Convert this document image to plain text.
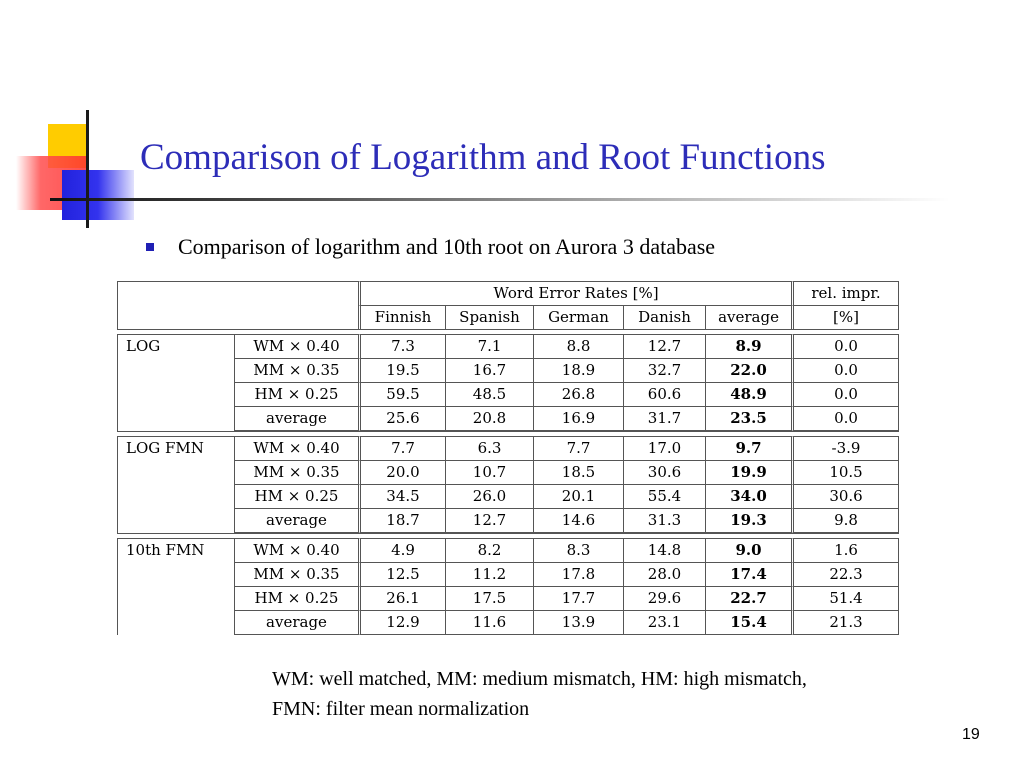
Comparison of Logarithm and Root Functions
Comparison of logarithm and 10th root on Aurora 3 database
		Word Error Rates [%]					rel. impr.
		Finnish	Spanish	German	Danish	average	[%]

LOG	WM × 0.40	7.3	7.1	8.8	12.7	8.9	0.0
	MM × 0.35	19.5	16.7	18.9	32.7	22.0	0.0
	HM × 0.25	59.5	48.5	26.8	60.6	48.9	0.0
	average	25.6	20.8	16.9	31.7	23.5	0.0

LOG FMN	WM × 0.40	7.7	6.3	7.7	17.0	9.7	-3.9
	MM × 0.35	20.0	10.7	18.5	30.6	19.9	10.5
	HM × 0.25	34.5	26.0	20.1	55.4	34.0	30.6
	average	18.7	12.7	14.6	31.3	19.3	9.8

10th FMN	WM × 0.40	4.9	8.2	8.3	14.8	9.0	1.6
	MM × 0.35	12.5	11.2	17.8	28.0	17.4	22.3
	HM × 0.25	26.1	17.5	17.7	29.6	22.7	51.4
	average	12.9	11.6	13.9	23.1	15.4	21.3
WM: well matched, MM: medium mismatch, HM: high mismatch, FMN: filter mean normalization
19
